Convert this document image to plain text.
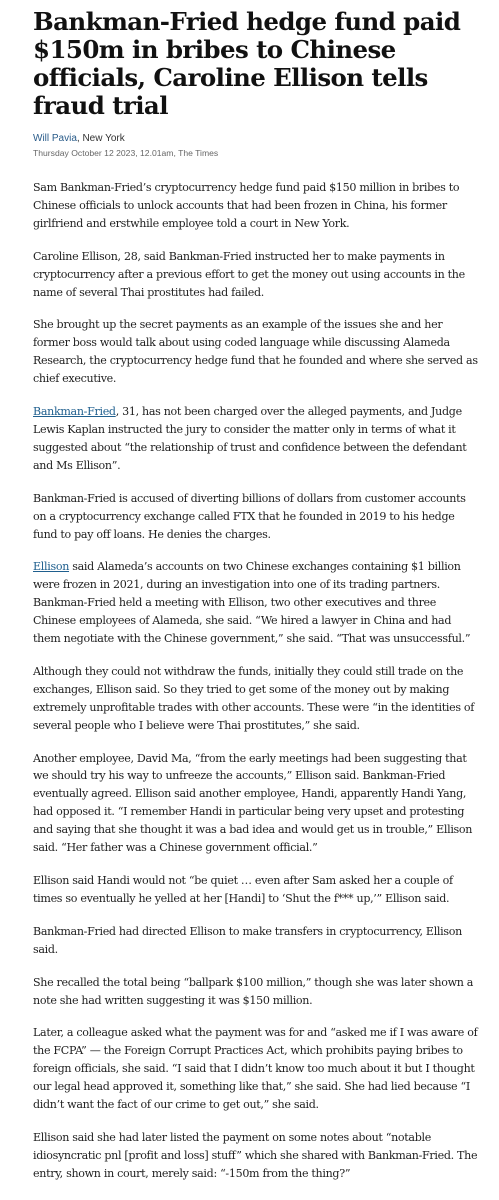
Bankman-Fried hedge fund paid $150m in bribes to Chinese officials, Caroline Ellison tells fraud trial
Will Pavia, New York
Thursday October 12 2023, 12.01am, The Times

Sam Bankman-Fried’s cryptocurrency hedge fund paid $150 million in bribes to Chinese officials to unlock accounts that had been frozen in China, his former girlfriend and erstwhile employee told a court in New York.

Caroline Ellison, 28, said Bankman-Fried instructed her to make payments in cryptocurrency after a previous effort to get the money out using accounts in the name of several Thai prostitutes had failed.

She brought up the secret payments as an example of the issues she and her former boss would talk about using coded language while discussing Alameda Research, the cryptocurrency hedge fund that he founded and where she served as chief executive.

Bankman-Fried, 31, has not been charged over the alleged payments, and Judge Lewis Kaplan instructed the jury to consider the matter only in terms of what it suggested about “the relationship of trust and confidence between the defendant and Ms Ellison”.

Bankman-Fried is accused of diverting billions of dollars from customer accounts on a cryptocurrency exchange called FTX that he founded in 2019 to his hedge fund to pay off loans. He denies the charges.

Ellison said Alameda’s accounts on two Chinese exchanges containing $1 billion were frozen in 2021, during an investigation into one of its trading partners. Bankman-Fried held a meeting with Ellison, two other executives and three Chinese employees of Alameda, she said. “We hired a lawyer in China and had them negotiate with the Chinese government,” she said. “That was unsuccessful.”

Although they could not withdraw the funds, initially they could still trade on the exchanges, Ellison said. So they tried to get some of the money out by making extremely unprofitable trades with other accounts. These were “in the identities of several people who I believe were Thai prostitutes,” she said.

Another employee, David Ma, “from the early meetings had been suggesting that we should try his way to unfreeze the accounts,” Ellison said. Bankman-Fried eventually agreed. Ellison said another employee, Handi, apparently Handi Yang, had opposed it. “I remember Handi in particular being very upset and protesting and saying that she thought it was a bad idea and would get us in trouble,” Ellison said. “Her father was a Chinese government official.”

Ellison said Handi would not “be quiet … even after Sam asked her a couple of times so eventually he yelled at her [Handi] to ‘Shut the f*** up,’” Ellison said.

Bankman-Fried had directed Ellison to make transfers in cryptocurrency, Ellison said.

She recalled the total being “ballpark $100 million,” though she was later shown a note she had written suggesting it was $150 million.

Later, a colleague asked what the payment was for and “asked me if I was aware of the FCPA” — the Foreign Corrupt Practices Act, which prohibits paying bribes to foreign officials, she said. “I said that I didn’t know too much about it but I thought our legal head approved it, something like that,” she said. She had lied because “I didn’t want the fact of our crime to get out,” she said.

Ellison said she had later listed the payment on some notes about “notable idiosyncratic pnl [profit and loss] stuff” which she shared with Bankman-Fried. The entry, shown in court, merely said: “-150m from the thing?”
